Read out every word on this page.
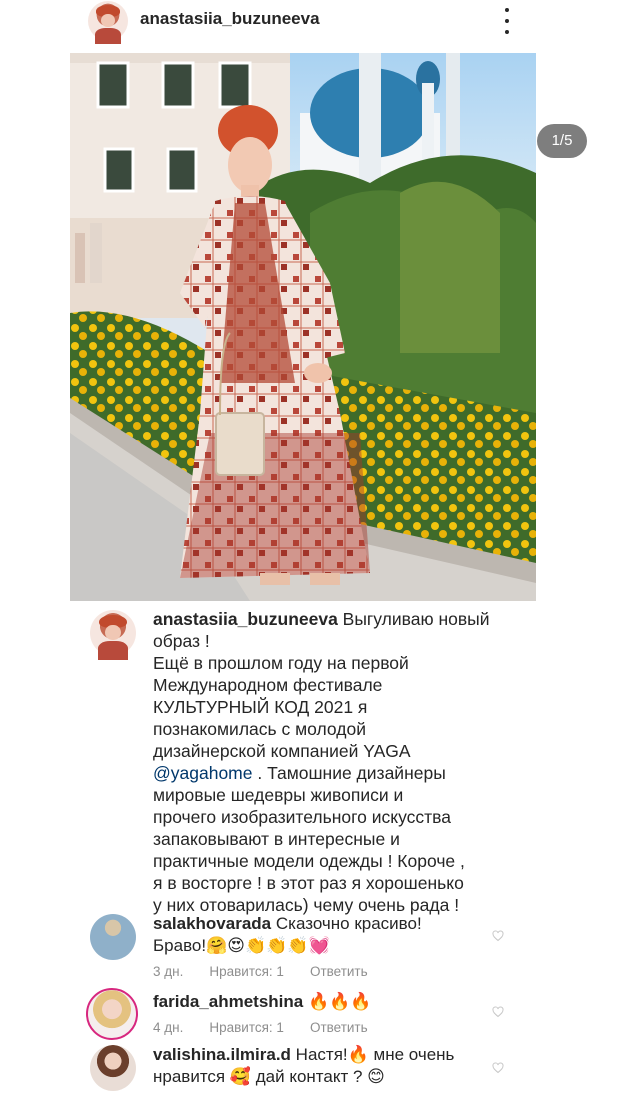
anastasiia_buzuneeva
1/5
anastasiia_buzuneeva Выгуливаю новый
образ !
Ещё в прошлом году на первой
Международном фестивале
КУЛЬТУРНЫЙ КОД 2021 я
познакомилась с молодой
дизайнерской компанией YAGA
@yagahome . Тамошние дизайнеры
мировые шедевры живописи и
прочего изобразительного искусства
запаковывают в интересные и
практичные модели одежды ! Короче ,
я в восторге ! в этот раз я хорошенько
у них отоварилась) чему очень рада !
salakhovarada Сказочно красиво!
Браво!🤗😍👏👏👏💓
3 дн. Нравится: 1 Ответить
farida_ahmetshina 🔥🔥🔥
4 дн. Нравится: 1 Ответить
valishina.ilmira.d Настя!🔥 мне очень
нравится 🥰 дай контакт ? 😊
